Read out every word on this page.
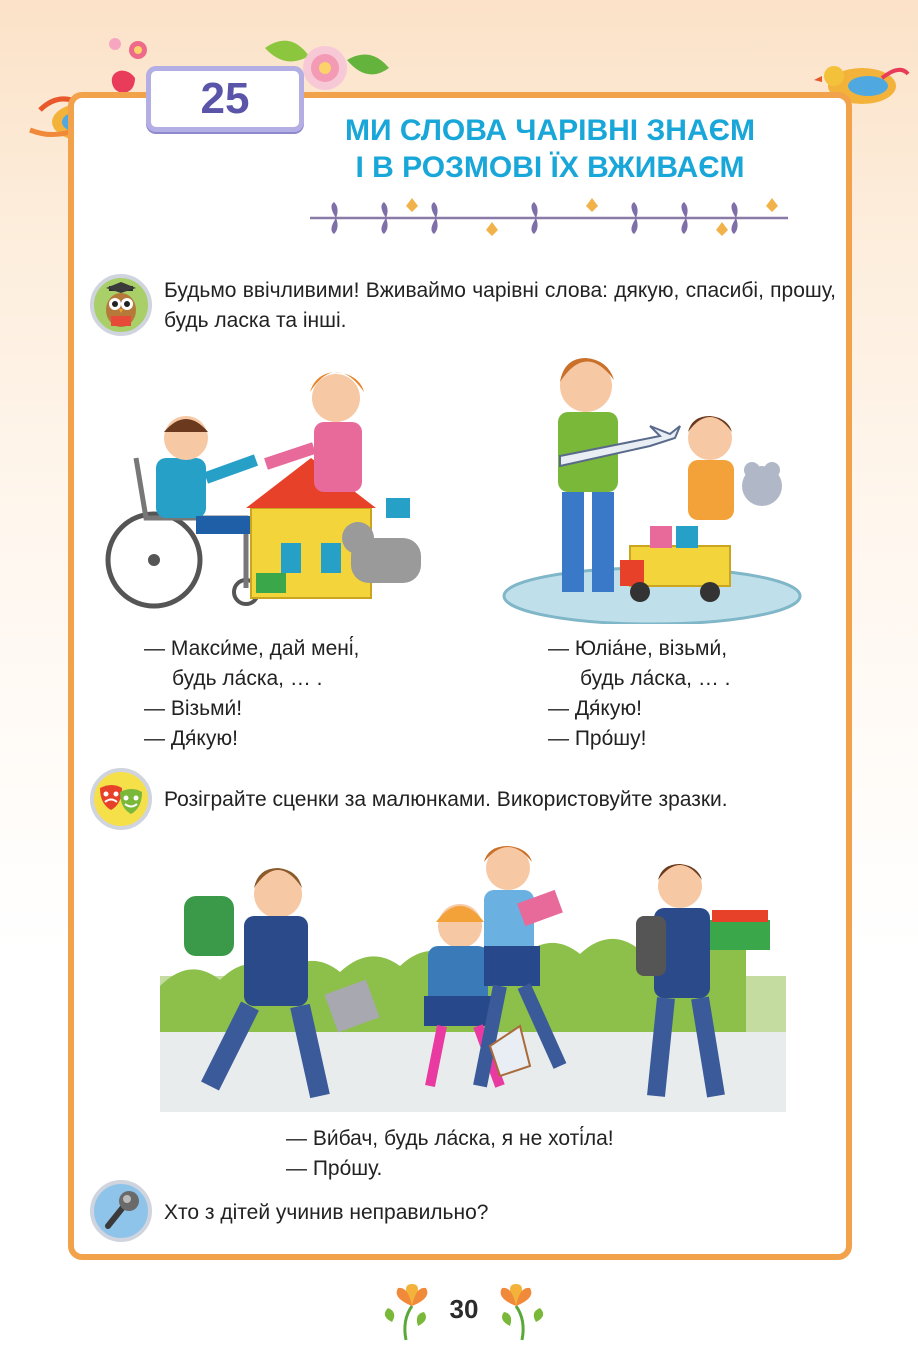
25
МИ СЛОВА ЧАРІВНІ ЗНАЄМ
І В РОЗМОВІ ЇХ ВЖИВАЄМ
Будьмо ввічливими! Вживаймо чарівні слова: дякую, спасибі, прошу, будь ласка та інші.
— Макси́ме, дай мені́,
будь ла́ска, … .
— Візьми́!
— Дя́кую!
— Юліа́не, візьми́,
будь ла́ска, … .
— Дя́кую!
— Про́шу!
Розіграйте сценки за малюнками. Використовуйте зразки.
— Ви́бач, будь ла́ска, я не хоті́ла!
— Про́шу.
Хто з дітей учинив неправильно?
30
